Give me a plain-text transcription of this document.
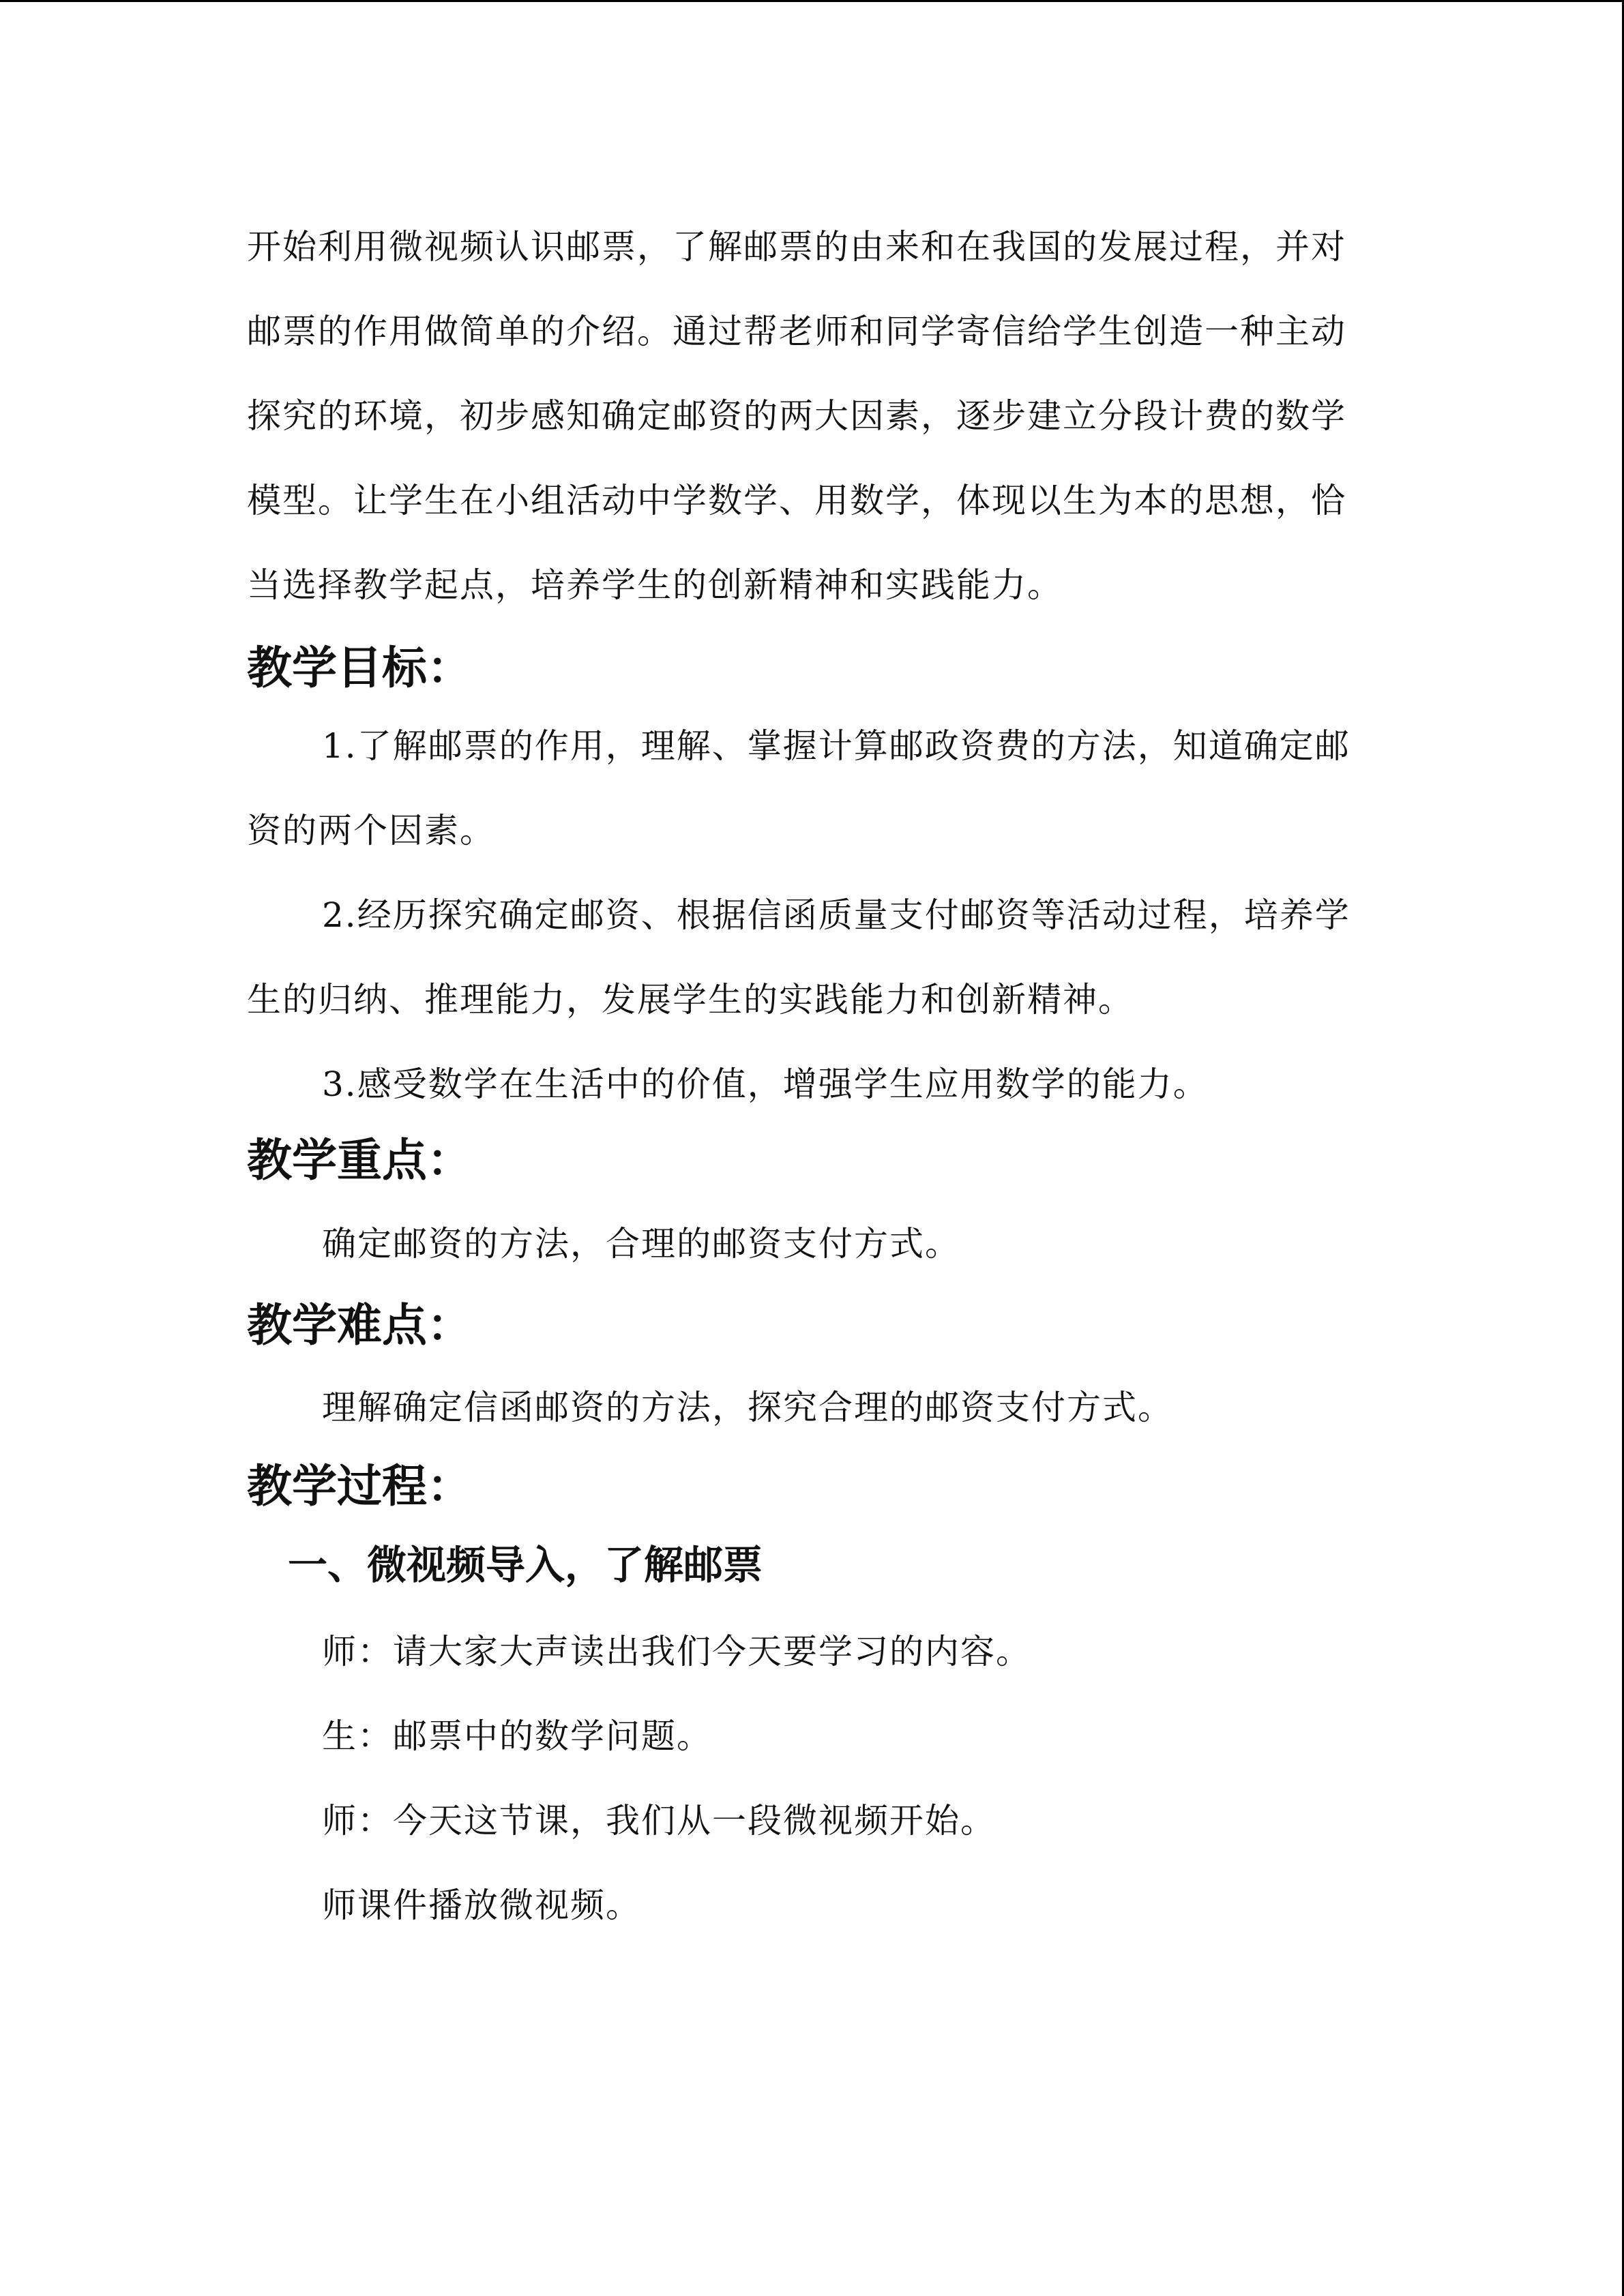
开始利用微视频认识邮票，了解邮票的由来和在我国的发展过程，并对邮票的作用做简单的介绍。通过帮老师和同学寄信给学生创造一种主动探究的环境，初步感知确定邮资的两大因素，逐步建立分段计费的数学模型。让学生在小组活动中学数学、用数学，体现以生为本的思想，恰当选择教学起点，培养学生的创新精神和实践能力。

教学目标：

1.了解邮票的作用，理解、掌握计算邮政资费的方法，知道确定邮资的两个因素。

2.经历探究确定邮资、根据信函质量支付邮资等活动过程，培养学生的归纳、推理能力，发展学生的实践能力和创新精神。

3.感受数学在生活中的价值，增强学生应用数学的能力。

教学重点：

确定邮资的方法，合理的邮资支付方式。

教学难点：

理解确定信函邮资的方法，探究合理的邮资支付方式。

教学过程：
一、微视频导入，了解邮票

师：请大家大声读出我们今天要学习的内容。

生：邮票中的数学问题。

师：今天这节课，我们从一段微视频开始。

师课件播放微视频。
